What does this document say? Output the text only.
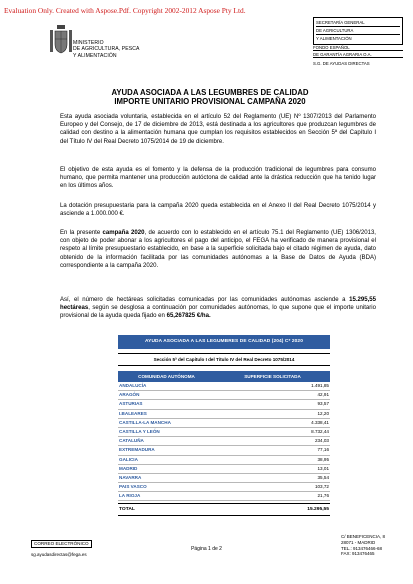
Evaluation Only. Created with Aspose.Pdf. Copyright 2002-2012 Aspose Pty Ltd.
MINISTERIO
DE AGRICULTURA, PESCA
Y ALIMENTACIÓN
SECRETARÍA GENERAL
DE AGRICULTURA
Y ALIMENTACIÓN
FONDO ESPAÑOL
DE GARANTÍA AGRARIA O.A.
S.G. DE AYUDAS DIRECTAS
AYUDA ASOCIADA A LAS LEGUMBRES DE CALIDAD
IMPORTE UNITARIO PROVISIONAL CAMPAÑA 2020
Esta ayuda asociada voluntaria, establecida en el artículo 52 del Reglamento (UE) Nº 1307/2013 del Parlamento Europeo y del Consejo, de 17 de diciembre de 2013, está destinada a los agricultores que produzcan legumbres de calidad con destino a la alimentación humana que cumplan los requisitos establecidos en Sección 5ª del Capítulo I del Título IV del Real Decreto 1075/2014 de 19 de diciembre.
El objetivo de esta ayuda es el fomento y la defensa de la producción tradicional de legumbres para consumo humano, que permita mantener una producción autóctona de calidad ante la drástica reducción que ha tenido lugar en los últimos años.
La dotación presupuestaria para la campaña 2020 queda establecida en el Anexo II del Real Decreto 1075/2014 y asciende a 1.000.000 €.
En la presente campaña 2020, de acuerdo con lo establecido en el artículo 75.1 del Reglamento (UE) 1306/2013, con objeto de poder abonar a los agricultores el pago del anticipo, el FEGA ha verificado de manera provisional el respeto al límite presupuestario establecido, en base a la superficie solicitada bajo el citado régimen de ayuda, dato obtenido de la información facilitada por las comunidades autónomas a la Base de Datos de Ayuda (BDA) correspondiente a la campaña 2020.
Así, el número de hectáreas solicitadas comunicadas por las comunidades autónomas asciende a 15.295,55 hectáreas, según se desglosa a continuación por comunidades autónomas, lo que supone que el importe unitario provisional de la ayuda queda fijado en 65,267825 €/ha.
AYUDA ASOCIADA A LAS LEGUMBRES DE CALIDAD (204) C* 2020
Sección 5ª del Capítulo I del Título IV del Real Decreto 1075/2014
COMUNIDAD AUTÓNOMA	SUPERFICIE SOLICITADA
ANDALUCÍA	1.491,85
ARAGÓN	42,91
ASTURIAS	93,57
I.BALEARES	12,20
CASTILLA-LA MANCHA	4.338,41
CASTILLA Y LEÓN	8.732,44
CATALUÑA	234,03
EXTREMADURA	77,16
GALICIA	38,95
MADRID	13,01
NAVARRA	35,54
PAIS VASCO	103,72
LA RIOJA	21,76
TOTAL	15.295,55
CORREO ELECTRÓNICO
sg.ayudasdirectas@fega.es
Página 1 de 2
C/ BENEFICENCIA, 8
28071 - MADRID
TEL.: 913476466-68
FAX: 913476465
